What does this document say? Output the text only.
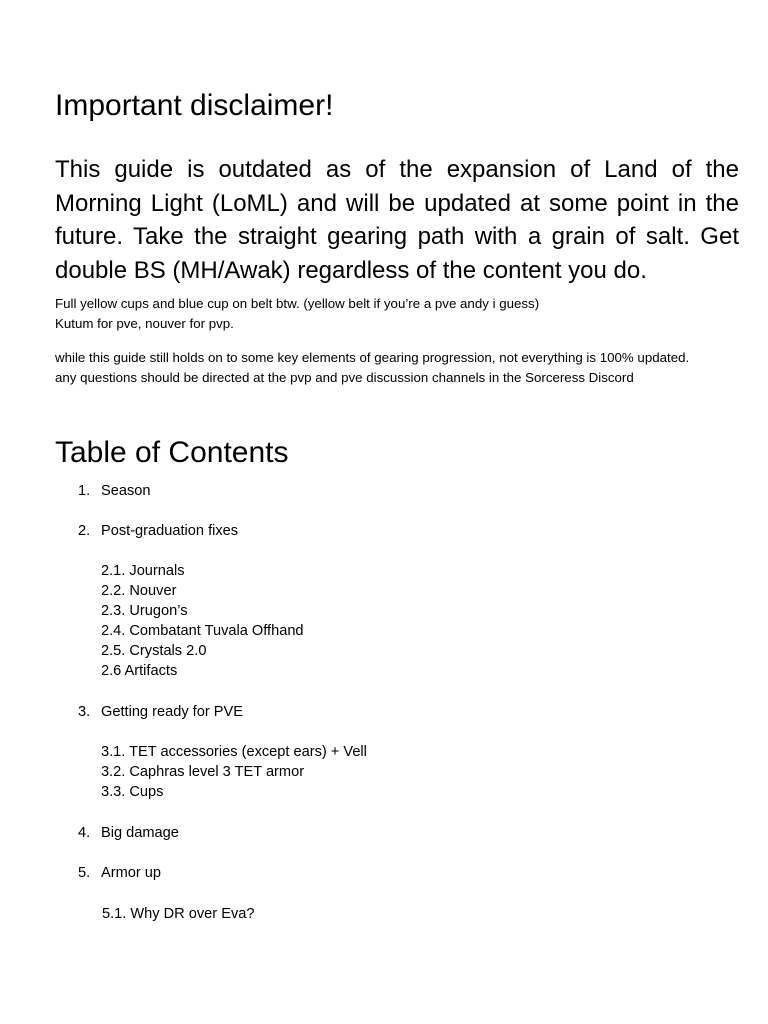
Important disclaimer!

This guide is outdated as of the expansion of Land of the Morning Light (LoML) and will be updated at some point in the future. Take the straight gearing path with a grain of salt. Get double BS (MH/Awak) regardless of the content you do.

Full yellow cups and blue cup on belt btw. (yellow belt if you’re a pve andy i guess)
Kutum for pve, nouver for pvp.
while this guide still holds on to some key elements of gearing progression, not everything is 100% updated.
any questions should be directed at the pvp and pve discussion channels in the Sorceress Discord
Table of Contents
1. Season
2. Post-graduation fixes
2.1. Journals
2.2. Nouver
2.3. Urugon’s
2.4. Combatant Tuvala Offhand
2.5. Crystals 2.0
2.6 Artifacts
3. Getting ready for PVE
3.1. TET accessories (except ears) + Vell
3.2. Caphras level 3 TET armor
3.3. Cups
4. Big damage
5. Armor up
5.1. Why DR over Eva?
